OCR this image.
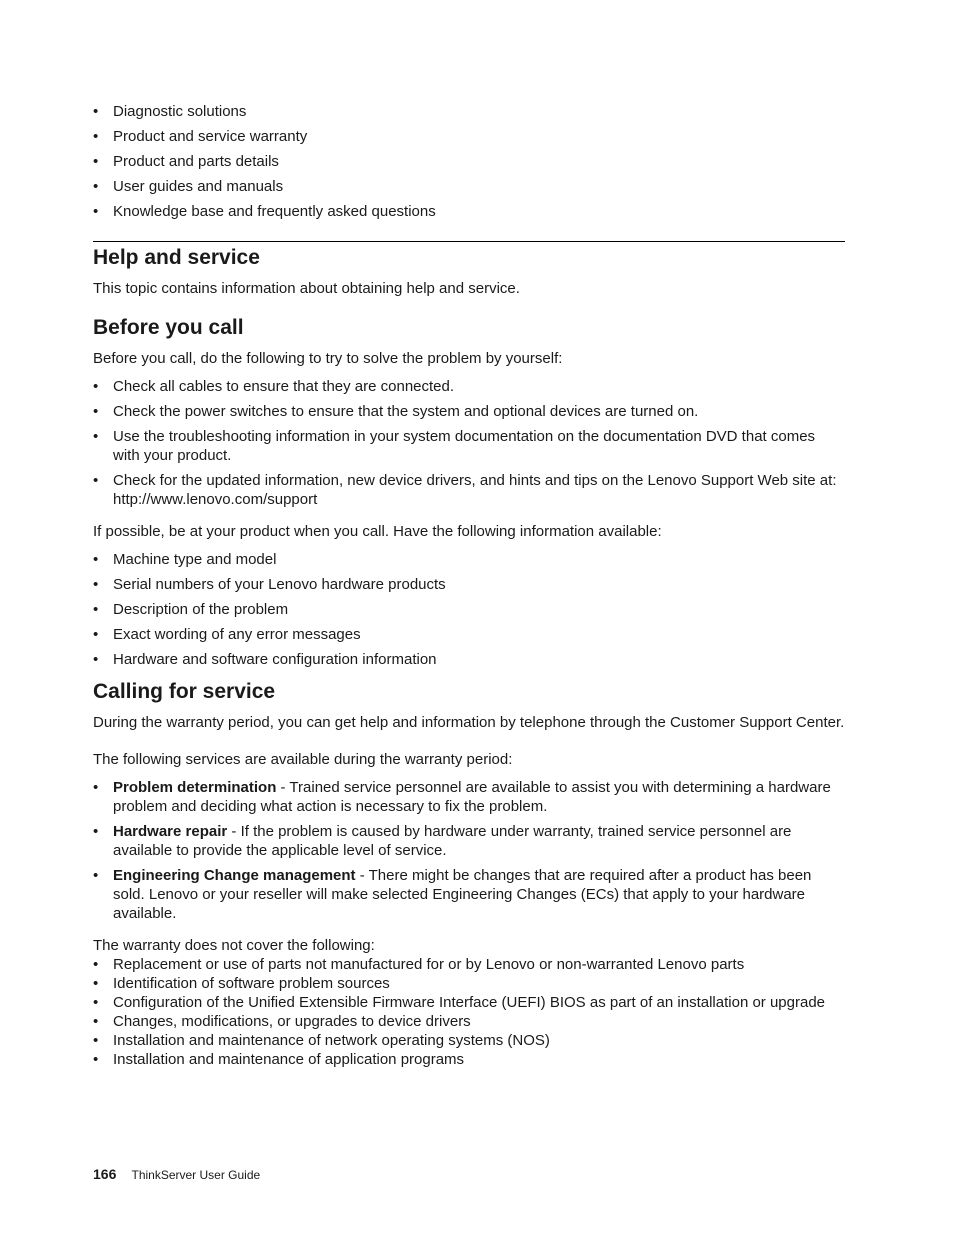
• Diagnostic solutions
• Product and service warranty
• Product and parts details
• User guides and manuals
• Knowledge base and frequently asked questions
Help and service

This topic contains information about obtaining help and service.

Before you call

Before you call, do the following to try to solve the problem by yourself:

• Check all cables to ensure that they are connected.
• Check the power switches to ensure that the system and optional devices are turned on.
• Use the troubleshooting information in your system documentation on the documentation DVD that comes with your product.
• Check for the updated information, new device drivers, and hints and tips on the Lenovo Support Web site at:
http://www.lenovo.com/support

If possible, be at your product when you call. Have the following information available:

• Machine type and model
• Serial numbers of your Lenovo hardware products
• Description of the problem
• Exact wording of any error messages
• Hardware and software configuration information
Calling for service

During the warranty period, you can get help and information by telephone through the Customer Support Center.

The following services are available during the warranty period:

• Problem determination - Trained service personnel are available to assist you with determining a hardware problem and deciding what action is necessary to fix the problem.
• Hardware repair - If the problem is caused by hardware under warranty, trained service personnel are available to provide the applicable level of service.
• Engineering Change management - There might be changes that are required after a product has been sold. Lenovo or your reseller will make selected Engineering Changes (ECs) that apply to your hardware available.

The warranty does not cover the following:

• Replacement or use of parts not manufactured for or by Lenovo or non-warranted Lenovo parts
• Identification of software problem sources
• Configuration of the Unified Extensible Firmware Interface (UEFI) BIOS as part of an installation or upgrade
• Changes, modifications, or upgrades to device drivers
• Installation and maintenance of network operating systems (NOS)
• Installation and maintenance of application programs
166 ThinkServer User Guide
